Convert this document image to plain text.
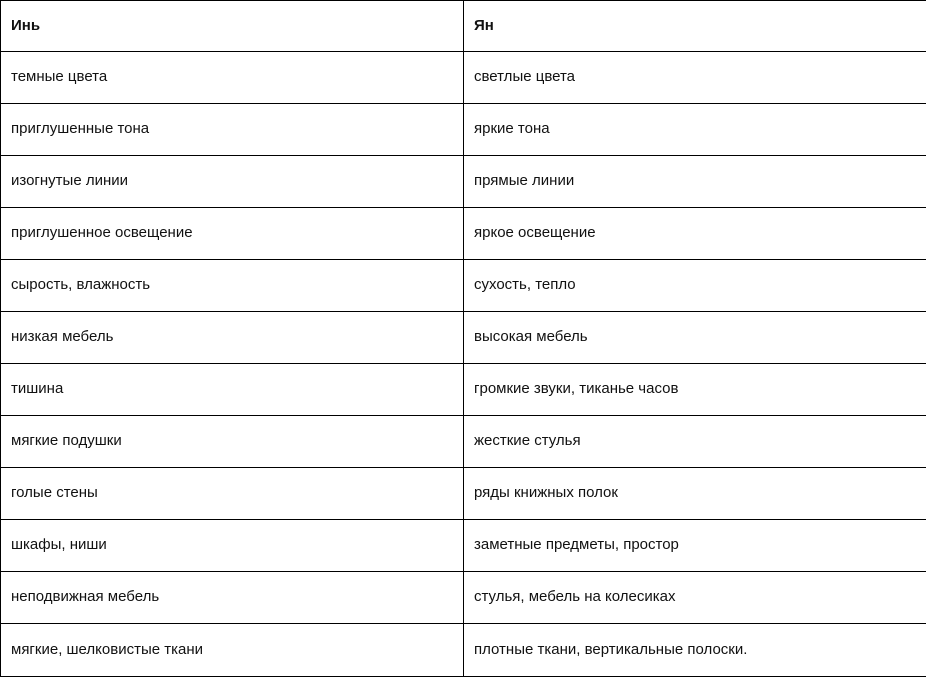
Инь	Ян
темные цвета	светлые цвета
приглушенные тона	яркие тона
изогнутые линии	прямые линии
приглушенное освещение	яркое освещение
сырость, влажность	сухость, тепло
низкая мебель	высокая мебель
тишина	громкие звуки, тиканье часов
мягкие подушки	жесткие стулья
голые стены	ряды книжных полок
шкафы, ниши	заметные предметы, простор
неподвижная мебель	стулья, мебель на колесиках
мягкие, шелковистые ткани	плотные ткани, вертикальные полоски.
